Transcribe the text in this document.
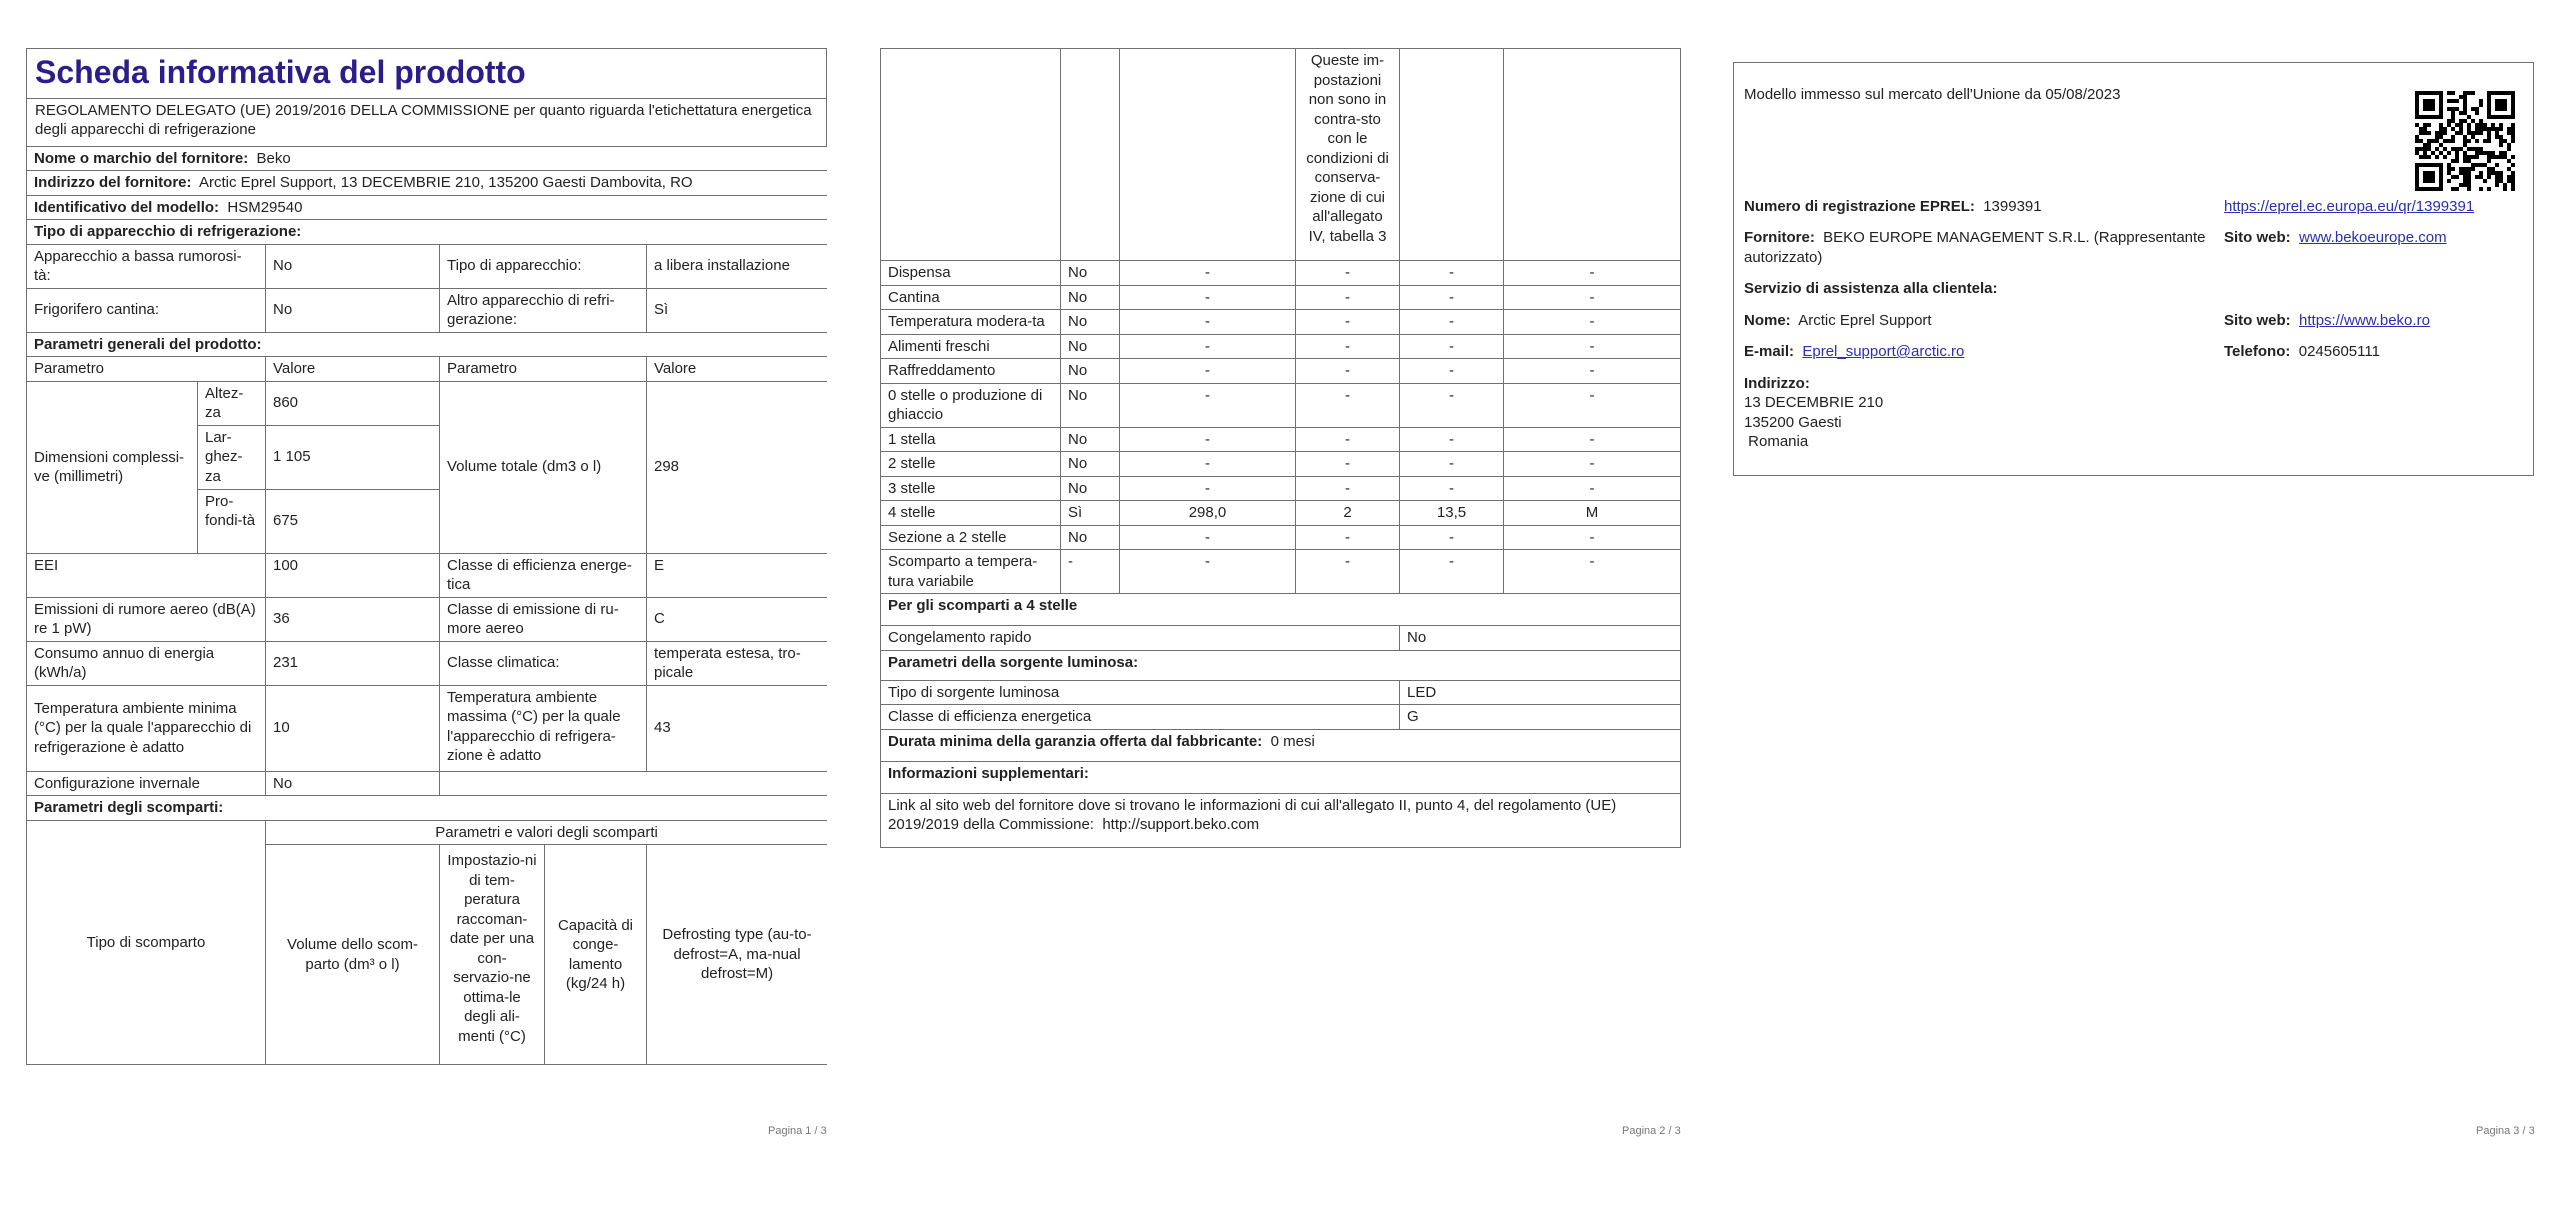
Scheda informativa del prodotto
REGOLAMENTO DELEGATO (UE) 2019/2016 DELLA COMMISSIONE per quanto riguarda l'etichettatura energetica degli apparecchi di refrigerazione
Nome o marchio del fornitore: Beko					
Indirizzo del fornitore: Arctic Eprel Support, 13 DECEMBRIE 210, 135200 Gaesti Dambovita, RO					
Identificativo del modello: HSM29540					
Tipo di apparecchio di refrigerazione:					
Apparecchio a bassa rumorosi-tà:		No	Tipo di apparecchio:		a libera installazione
Frigorifero cantina:		No	Altro apparecchio di refri-gerazione:		Sì
Parametri generali del prodotto:					
Parametro		Valore	Parametro		Valore
Dimensioni complessi-ve (millimetri)	Altez-za	860	Volume totale (dm3 o l)		298
	Lar-ghez-za	1 105			
	Pro-fondi-tà	675			
EEI		100	Classe di efficienza energe-tica		E
Emissioni di rumore aereo (dB(A) re 1 pW)		36	Classe di emissione di ru-more aereo		C
Consumo annuo di energia (kWh/a)		231	Classe climatica:		temperata estesa, tro-picale
Temperatura ambiente minima (°C) per la quale l'apparecchio di refrigerazione è adatto		10	Temperatura ambiente massima (°C) per la quale l'apparecchio di refrigera-zione è adatto		43
Configurazione invernale		No			
Parametri degli scomparti:					
Tipo di scomparto		Parametri e valori degli scomparti			
		Volume dello scom-parto (dm³ o l)	Impostazio-ni di tem-peratura raccoman-date per una con-servazio-ne ottima-le degli ali-menti (°C)	Capacità di conge-lamento (kg/24 h)	Defrosting type (au-to-defrost=A, ma-nual defrost=M)
Pagina 1 / 3
			Queste im-postazioni non sono in contra-sto con le condizioni di conserva-zione di cui all'allegato IV, tabella 3		
Dispensa	No	-	-	-	-
Cantina	No	-	-	-	-
Temperatura modera-ta	No	-	-	-	-
Alimenti freschi	No	-	-	-	-
Raffreddamento	No	-	-	-	-
0 stelle o produzione di ghiaccio	No	-	-	-	-
1 stella	No	-	-	-	-
2 stelle	No	-	-	-	-
3 stelle	No	-	-	-	-
4 stelle	Sì	298,0	2	13,5	M
Sezione a 2 stelle	No	-	-	-	-
Scomparto a tempera-tura variabile	-	-	-	-	-
Per gli scomparti a 4 stelle					
Congelamento rapido				No	
Parametri della sorgente luminosa:					
Tipo di sorgente luminosa				LED	
Classe di efficienza energetica				G	
Durata minima della garanzia offerta dal fabbricante: 0 mesi					
Informazioni supplementari:					
Link al sito web del fornitore dove si trovano le informazioni di cui all'allegato II, punto 4, del regolamento (UE) 2019/2019 della Commissione: http://support.beko.com					
Pagina 2 / 3
Modello immesso sul mercato dell'Unione da 05/08/2023
Numero di registrazione EPREL: 1399391	https://eprel.ec.europa.eu/qr/1399391
Fornitore: BEKO EUROPE MANAGEMENT S.R.L. (Rappresentante autorizzato)
Sito web: www.bekoeurope.com
Servizio di assistenza alla clientela:
Nome: Arctic Eprel Support	Sito web: https://www.beko.ro
E-mail: Eprel_support@arctic.ro	Telefono: 0245605111
Indirizzo:
13 DECEMBRIE 210
135200 Gaesti
Romania
Pagina 3 / 3
